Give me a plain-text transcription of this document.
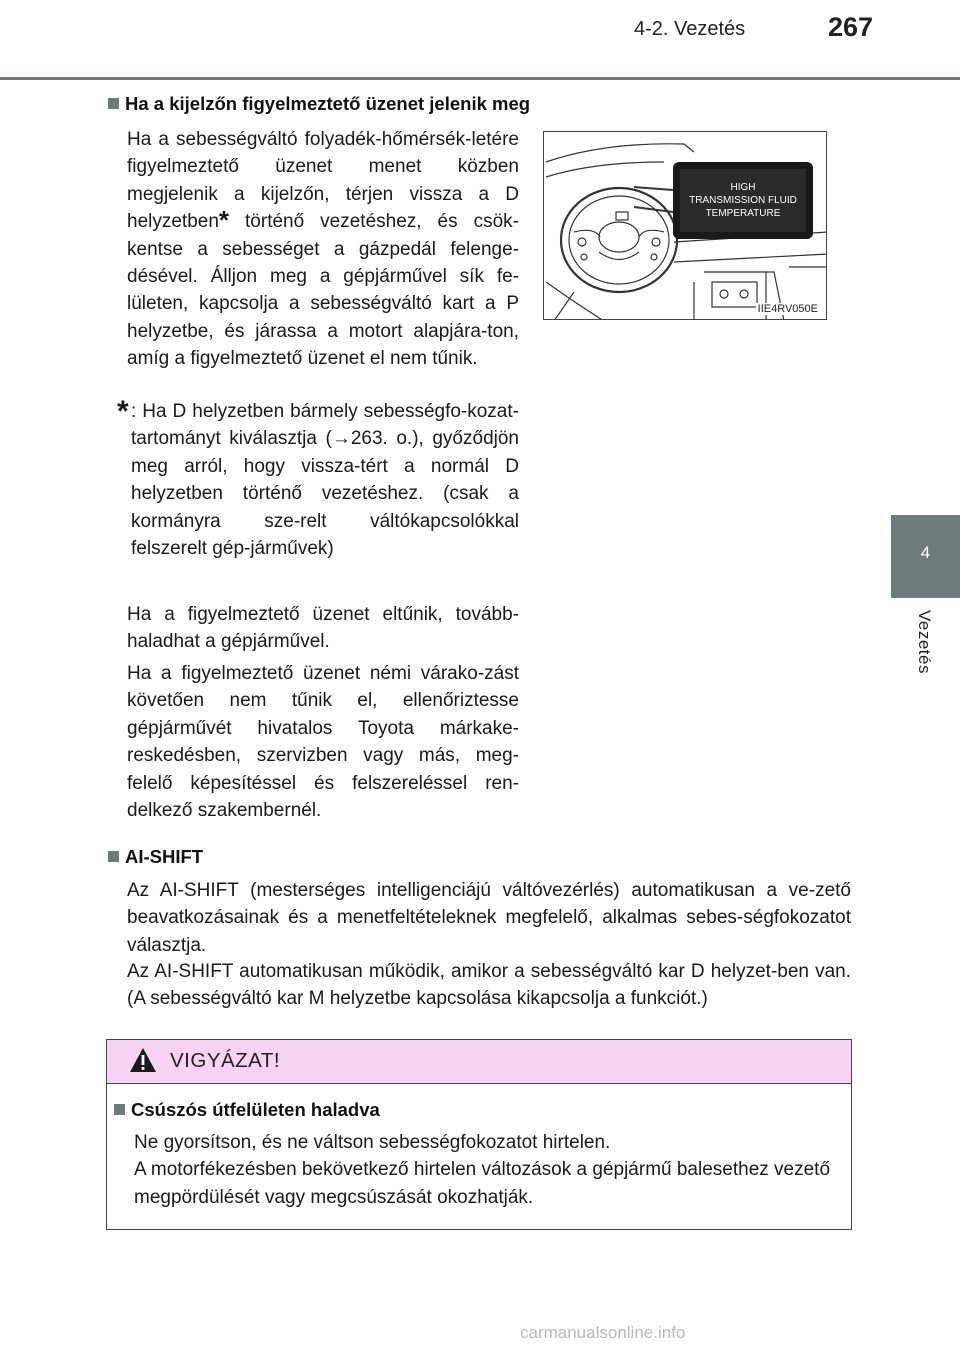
4-2. Vezetés	267
4
Vezetés
Ha a kijelzőn figyelmeztető üzenet jelenik meg
Ha a sebességváltó folyadék-hőmérsék-letére figyelmeztető üzenet menet közben megjelenik a kijelzőn, térjen vissza a D helyzetben* történő vezetéshez, és csök-kentse a sebességet a gázpedál felenge-désével. Álljon meg a gépjárművel sík fe-lületen, kapcsolja a sebességváltó kart a P helyzetbe, és járassa a motort alapjára-ton, amíg a figyelmeztető üzenet el nem tűnik.
* : Ha D helyzetben bármely sebességfo-kozat-tartományt kiválasztja (→263. o.), győződjön meg arról, hogy vissza-tért a normál D helyzetben történő vezetéshez. (csak a kormányra sze-relt váltókapcsolókkal felszerelt gép-járművek)
Ha a figyelmeztető üzenet eltűnik, tovább-haladhat a gépjárművel.
Ha a figyelmeztető üzenet némi várako-zást követően nem tűnik el, ellenőriztesse gépjárművét hivatalos Toyota márkake-reskedésben, szervizben vagy más, meg-felelő képesítéssel és felszereléssel ren-delkező szakembernél.
HIGH
TRANSMISSION FLUID
TEMPERATURE
IIE4RV050E
AI-SHIFT
Az AI-SHIFT (mesterséges intelligenciájú váltóvezérlés) automatikusan a ve-zető beavatkozásainak és a menetfeltételeknek megfelelő, alkalmas sebes-ségfokozatot választja.
Az AI-SHIFT automatikusan működik, amikor a sebességváltó kar D helyzet-ben van. (A sebességváltó kar M helyzetbe kapcsolása kikapcsolja a funkciót.)
VIGYÁZAT!
Csúszós útfelületen haladva
Ne gyorsítson, és ne váltson sebességfokozatot hirtelen.
A motorfékezésben bekövetkező hirtelen változások a gépjármű balesethez vezető megpördülését vagy megcsúszását okozhatják.
carmanualsonline.info
